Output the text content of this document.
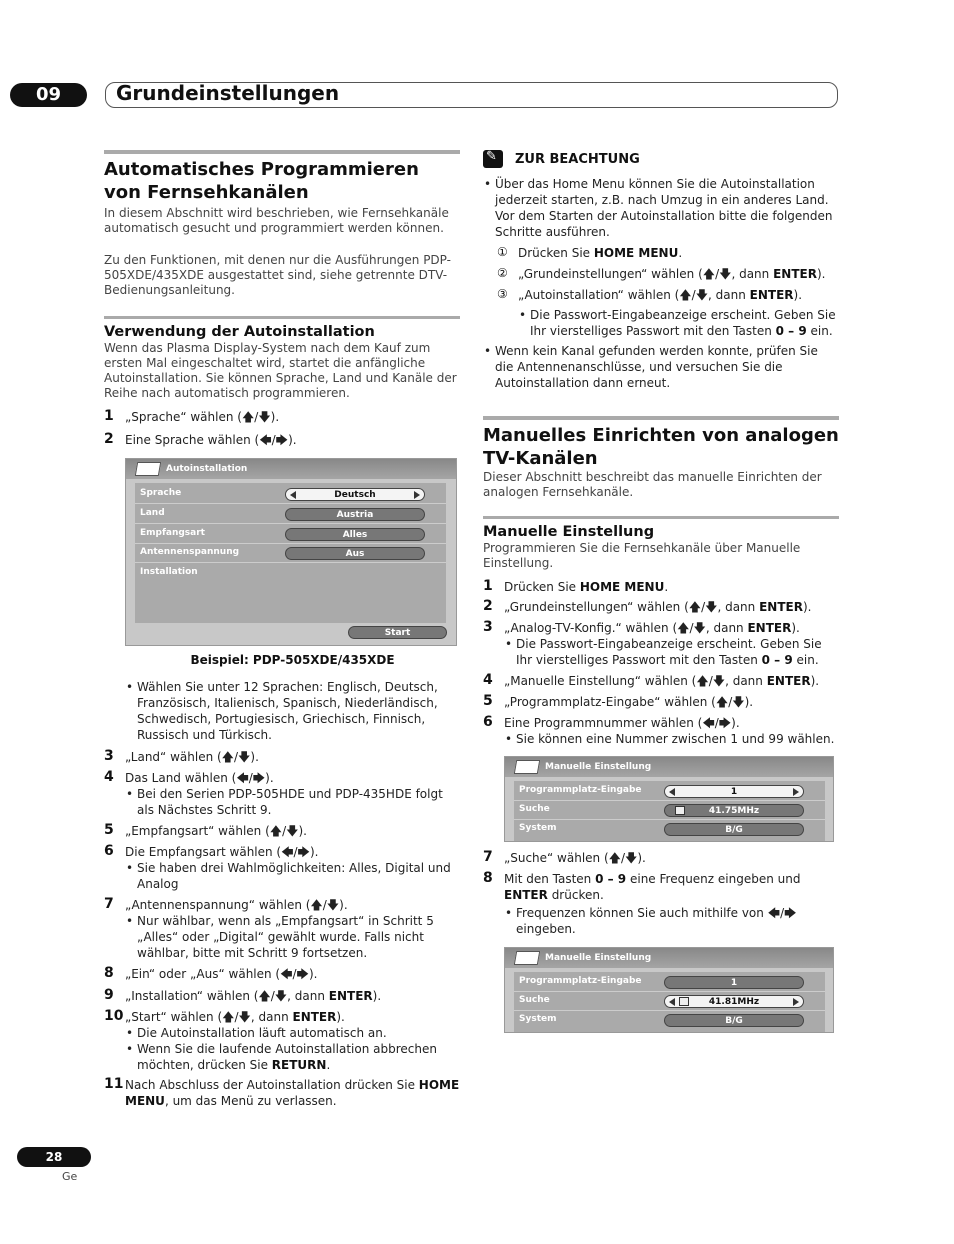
09	Grundeinstellungen
Automatisches Programmieren von Fernsehkanälen

In diesem Abschnitt wird beschrieben, wie Fernsehkanäle automatisch gesucht und programmiert werden können.

Zu den Funktionen, mit denen nur die Ausführungen PDP-505XDE/435XDE ausgestattet sind, siehe getrennte DTV-Bedienungsanleitung.

Verwendung der Autoinstallation

Wenn das Plasma Display-System nach dem Kauf zum ersten Mal eingeschaltet wird, startet die anfängliche Autoinstallation. Sie können Sprache, Land und Kanäle der Reihe nach automatisch programmieren.

1 „Sprache“ wählen (🡅/🡇).
2 Eine Sprache wählen (🡄/🡆).
Autoinstallation
Sprache	Deutsch
Land	Austria
Empfangsart	Alles
Antennenspannung	Aus
Installation
Start
Beispiel: PDP-505XDE/435XDE
• Wählen Sie unter 12 Sprachen: Englisch, Deutsch, Französisch, Italienisch, Spanisch, Niederländisch, Schwedisch, Portugiesisch, Griechisch, Finnisch, Russisch und Türkisch.
3 „Land“ wählen (🡅/🡇).
4 Das Land wählen (🡄/🡆).
• Bei den Serien PDP-505HDE und PDP-435HDE folgt als Nächstes Schritt 9.
5 „Empfangsart“ wählen (🡅/🡇).
6 Die Empfangsart wählen (🡄/🡆).
• Sie haben drei Wahlmöglichkeiten: Alles, Digital und Analog
7 „Antennenspannung“ wählen (🡅/🡇).
• Nur wählbar, wenn als „Empfangsart“ in Schritt 5 „Alles“ oder „Digital“ gewählt wurde. Falls nicht wählbar, bitte mit Schritt 9 fortsetzen.
8 „Ein“ oder „Aus“ wählen (🡄/🡆).
9 „Installation“ wählen (🡅/🡇, dann ENTER).
10 „Start“ wählen (🡅/🡇, dann ENTER).
• Die Autoinstallation läuft automatisch an.
• Wenn Sie die laufende Autoinstallation abbrechen möchten, drücken Sie RETURN.
11 Nach Abschluss der Autoinstallation drücken Sie HOME MENU, um das Menü zu verlassen.
✎
ZUR BEACHTUNG
• Über das Home Menu können Sie die Autoinstallation jederzeit starten, z.B. nach Umzug in ein anderes Land. Vor dem Starten der Autoinstallation bitte die folgenden Schritte ausführen.
① Drücken Sie HOME MENU.
② „Grundeinstellungen“ wählen (🡅/🡇, dann ENTER).
③ „Autoinstallation“ wählen (🡅/🡇, dann ENTER).
• Die Passwort-Eingabeanzeige erscheint. Geben Sie Ihr vierstelliges Passwort mit den Tasten 0 – 9 ein.
• Wenn kein Kanal gefunden werden konnte, prüfen Sie die Antennenanschlüsse, und versuchen Sie die Autoinstallation dann erneut.
Manuelles Einrichten von analogen TV-Kanälen

Dieser Abschnitt beschreibt das manuelle Einrichten der analogen Fernsehkanäle.

Manuelle Einstellung

Programmieren Sie die Fernsehkanäle über Manuelle Einstellung.

1 Drücken Sie HOME MENU.
2 „Grundeinstellungen“ wählen (🡅/🡇, dann ENTER).
3 „Analog-TV-Konfig.“ wählen (🡅/🡇, dann ENTER).
• Die Passwort-Eingabeanzeige erscheint. Geben Sie Ihr vierstelliges Passwort mit den Tasten 0 – 9 ein.
4 „Manuelle Einstellung“ wählen (🡅/🡇, dann ENTER).
5 „Programmplatz-Eingabe“ wählen (🡅/🡇).
6 Eine Programmnummer wählen (🡄/🡆).
• Sie können eine Nummer zwischen 1 und 99 wählen.
Manuelle Einstellung
Programmplatz-Eingabe	1
Suche	41.75MHz
System	B/G
7 „Suche“ wählen (🡅/🡇).
8 Mit den Tasten 0 – 9 eine Frequenz eingeben und ENTER drücken.
• Frequenzen können Sie auch mithilfe von 🡄/🡆 eingeben.
Manuelle Einstellung
Programmplatz-Eingabe	1
Suche	41.81MHz
System	B/G
28
Ge
